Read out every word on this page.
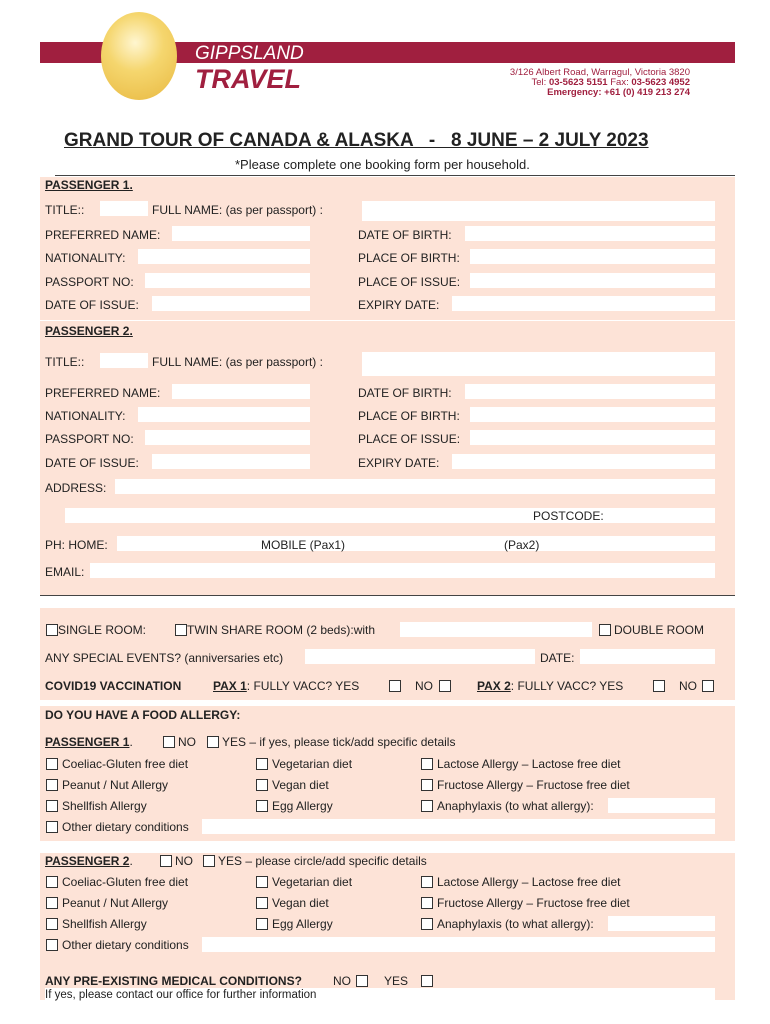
GIPPSLAND
TRAVEL	3/126 Albert Road, Warragul, Victoria 3820
Tel: 03-5623 5151 Fax: 03-5623 4952
Emergency: +61 (0) 419 213 274
GRAND TOUR OF CANADA & ALASKA   -   8 JUNE – 2 JULY 2023
*Please complete one booking form per household.
PASSENGER 1.
TITLE::	FULL NAME: (as per passport) :
PREFERRED NAME:	DATE OF BIRTH:
NATIONALITY:	PLACE OF BIRTH:
PASSPORT NO:	PLACE OF ISSUE:
DATE OF ISSUE:	EXPIRY DATE:
PASSENGER 2.
TITLE::	FULL NAME: (as per passport) :
PREFERRED NAME:	DATE OF BIRTH:
NATIONALITY:	PLACE OF BIRTH:
PASSPORT NO:	PLACE OF ISSUE:
DATE OF ISSUE:	EXPIRY DATE:
ADDRESS:
POSTCODE:
PH: HOME:	MOBILE (Pax1)	(Pax2)
EMAIL:
SINGLE ROOM:	TWIN SHARE ROOM (2 beds):with	DOUBLE ROOM
ANY SPECIAL EVENTS? (anniversaries etc)	DATE:
COVID19 VACCINATION	PAX 1: FULLY VACC? YES	NO	PAX 2: FULLY VACC? YES	NO
DO YOU HAVE A FOOD ALLERGY:
PASSENGER 1.	NO YES – if yes, please tick/add specific details
Coeliac-Gluten free diet	Vegetarian diet	Lactose Allergy – Lactose free diet
Peanut / Nut Allergy	Vegan diet	Fructose Allergy – Fructose free diet
Shellfish Allergy	Egg Allergy	Anaphylaxis (to what allergy):
Other dietary conditions
PASSENGER 2.	NO YES – please circle/add specific details
Coeliac-Gluten free diet	Vegetarian diet	Lactose Allergy – Lactose free diet
Peanut / Nut Allergy	Vegan diet	Fructose Allergy – Fructose free diet
Shellfish Allergy	Egg Allergy	Anaphylaxis (to what allergy):
Other dietary conditions
ANY PRE-EXISTING MEDICAL CONDITIONS?	NO	YES
If yes, please contact our office for further information
